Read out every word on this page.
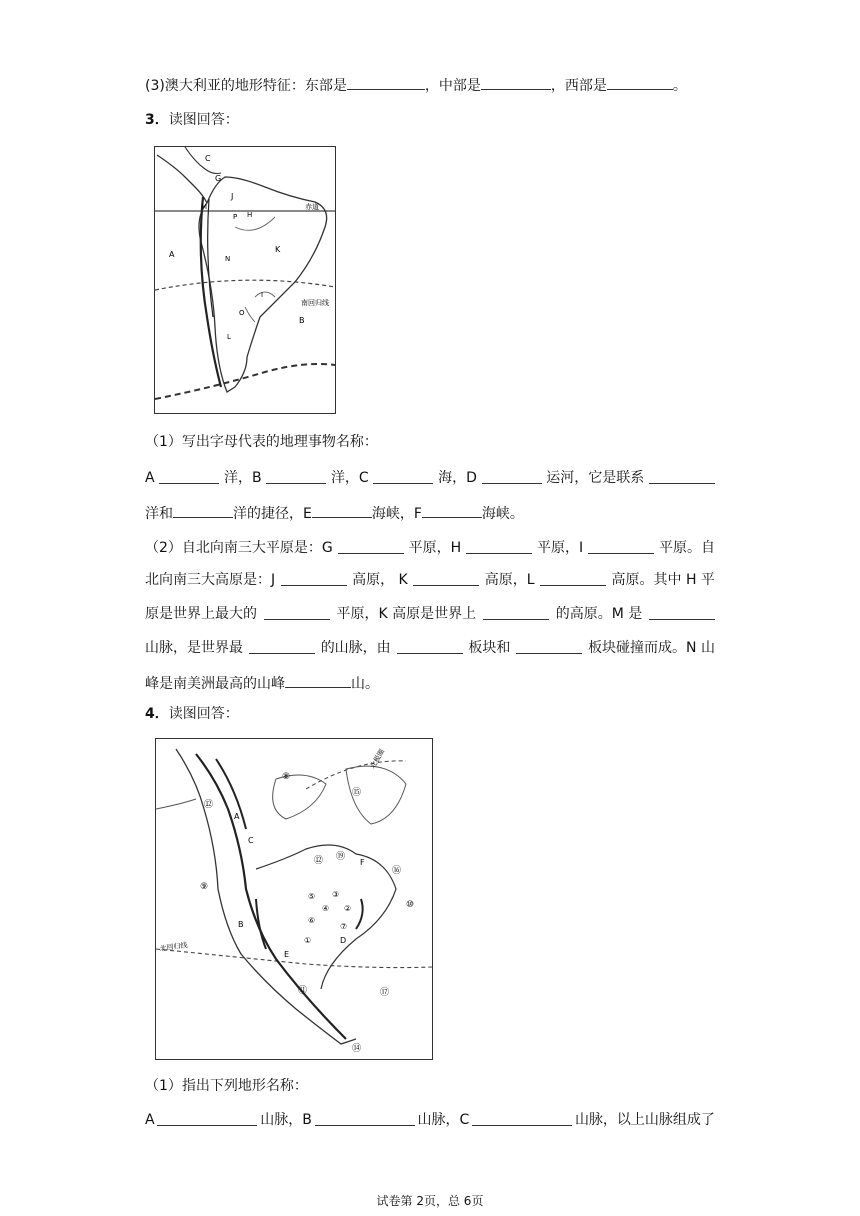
(3)澳大利亚的地形特征：东部是	，中部是	，西部是	。
3．读图回答：
C
G
J
M
P H
赤道
A	N
K
I
南回归线
O
B
L
（1）写出字母代表的地理事物名称：
A	洋，B	洋，C	海，D	运河，它是联系
洋和	洋的捷径，E	海峡，F	海峡。
（2）自北向南三大平原是：G	平原，H	平原，I	平原。自
北向南三大高原是：J	高原， K	高原，L	高原。其中 H 平
原是世界上最大的	平原，K 高原是世界上	的高原。M 是
山脉，是世界最	的山脉，由	板块和	板块碰撞而成。N 山
峰是南美洲最高的山峰	山。
4．读图回答：
⑧
⑮
北极圈
⑫
A
C
⑫ ⑲
F
⑯
⑨
⑤ ③
④ ②
⑥
⑦
⑩
B
①	D
E
北回归线
⑪	⑰
⑭
（1）指出下列地形名称：
A	山脉，B	山脉，C	山脉，以上山脉组成了
试卷第 2页，总 6页
